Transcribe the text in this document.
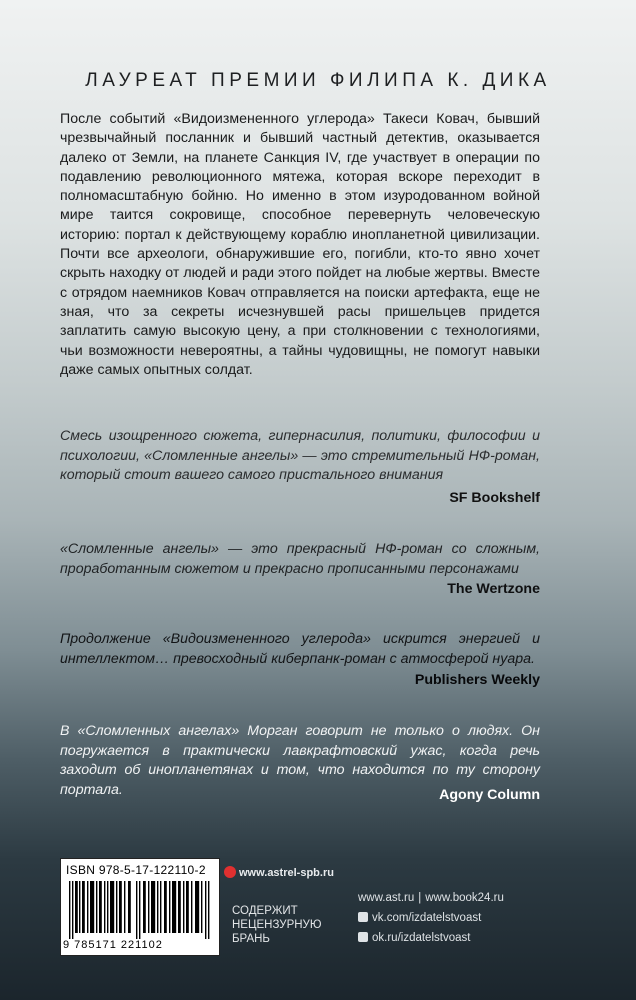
ЛАУРЕАТ ПРЕМИИ ФИЛИПА К. ДИКА

После событий «Видоизмененного углерода» Такеси Ковач, бывший чрезвычайный посланник и бывший частный детектив, оказывается далеко от Земли, на планете Санкция IV, где участвует в операции по подавлению революционного мятежа, которая вскоре переходит в полномасштабную бойню. Но именно в этом изуродованном войной мире таится сокровище, способное перевернуть человеческую историю: портал к действующему кораблю инопланетной цивилизации. Почти все археологи, обнаружившие его, погибли, кто-то явно хочет скрыть находку от людей и ради этого пойдет на любые жертвы. Вместе с отрядом наемников Ковач отправляется на поиски артефакта, еще не зная, что за секреты исчезнувшей расы пришельцев придется заплатить самую высокую цену, а при столкновении с технологиями, чьи возможности невероятны, а тайны чудовищны, не помогут навыки даже самых опытных солдат.

Смесь изощренного сюжета, гипернасилия, политики, философии и психологии, «Сломленные ангелы» — это стремительный НФ-роман, который стоит вашего самого пристального внимания

SF Bookshelf

«Сломленные ангелы» — это прекрасный НФ-роман со сложным, проработанным сюжетом и прекрасно прописанными персонажами

The Wertzone

Продолжение «Видоизмененного углерода» искрится энергией и интеллектом… превосходный киберпанк-роман с атмосферой нуара.

Publishers Weekly

В «Сломленных ангелах» Морган говорит не только о людях. Он погружается в практически лавкрафтовский ужас, когда речь заходит об инопланетянах и том, что находится по ту сторону портала.	Agony Column
ISBN 978-5-17-122110-2
9 785171 221102
www.astrel-spb.ru
СОДЕРЖИТ
НЕЦЕНЗУРНУЮ
БРАНЬ
www.ast.ru | www.book24.ru
vk.com/izdatelstvoast
ok.ru/izdatelstvoast
